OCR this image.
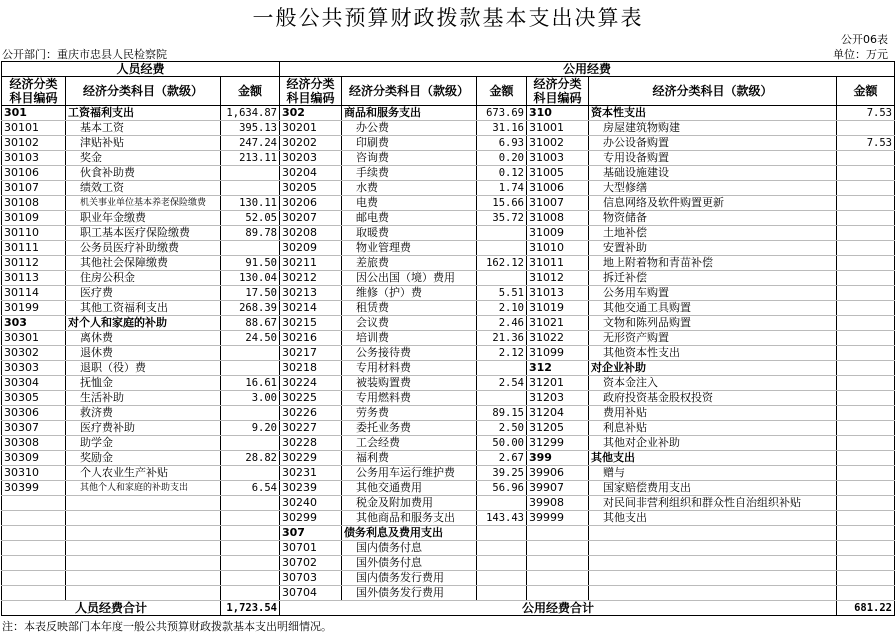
一般公共预算财政拨款基本支出决算表
公开06表
公开部门：重庆市忠县人民检察院	单位：万元
人员经费			公用经费					
经济分类科目编码	经济分类科目（款级）	金额	经济分类科目编码	经济分类科目（款级）	金额	经济分类科目编码	经济分类科目（款级）	金额
301	工资福利支出	1,634.87	302	商品和服务支出	673.69	310	资本性支出	7.53
30101	基本工资	395.13	30201	办公费	31.16	31001	房屋建筑物购建	
30102	津贴补贴	247.24	30202	印刷费	6.93	31002	办公设备购置	7.53
30103	奖金	213.11	30203	咨询费	0.20	31003	专用设备购置	
30106	伙食补助费		30204	手续费	0.12	31005	基础设施建设	
30107	绩效工资		30205	水费	1.74	31006	大型修缮	
30108	机关事业单位基本养老保险缴费	130.11	30206	电费	15.66	31007	信息网络及软件购置更新	
30109	职业年金缴费	52.05	30207	邮电费	35.72	31008	物资储备	
30110	职工基本医疗保险缴费	89.78	30208	取暖费		31009	土地补偿	
30111	公务员医疗补助缴费		30209	物业管理费		31010	安置补助	
30112	其他社会保障缴费	91.50	30211	差旅费	162.12	31011	地上附着物和青苗补偿	
30113	住房公积金	130.04	30212	因公出国（境）费用		31012	拆迁补偿	
30114	医疗费	17.50	30213	维修（护）费	5.51	31013	公务用车购置	
30199	其他工资福利支出	268.39	30214	租赁费	2.10	31019	其他交通工具购置	
303	对个人和家庭的补助	88.67	30215	会议费	2.46	31021	文物和陈列品购置	
30301	离休费	24.50	30216	培训费	21.36	31022	无形资产购置	
30302	退休费		30217	公务接待费	2.12	31099	其他资本性支出	
30303	退职（役）费		30218	专用材料费		312	对企业补助	
30304	抚恤金	16.61	30224	被装购置费	2.54	31201	资本金注入	
30305	生活补助	3.00	30225	专用燃料费		31203	政府投资基金股权投资	
30306	救济费		30226	劳务费	89.15	31204	费用补贴	
30307	医疗费补助	9.20	30227	委托业务费	2.50	31205	利息补贴	
30308	助学金		30228	工会经费	50.00	31299	其他对企业补助	
30309	奖励金	28.82	30229	福利费	2.67	399	其他支出	
30310	个人农业生产补贴		30231	公务用车运行维护费	39.25	39906	赠与	
30399	其他个人和家庭的补助支出	6.54	30239	其他交通费用	56.96	39907	国家赔偿费用支出	
			30240	税金及附加费用		39908	对民间非营利组织和群众性自治组织补贴	
			30299	其他商品和服务支出	143.43	39999	其他支出	
			307	债务利息及费用支出				
			30701	国内债务付息				
			30702	国外债务付息				
			30703	国内债务发行费用				
			30704	国外债务发行费用				
人员经费合计		1,723.54	公用经费合计					681.22
注：本表反映部门本年度一般公共预算财政拨款基本支出明细情况。
